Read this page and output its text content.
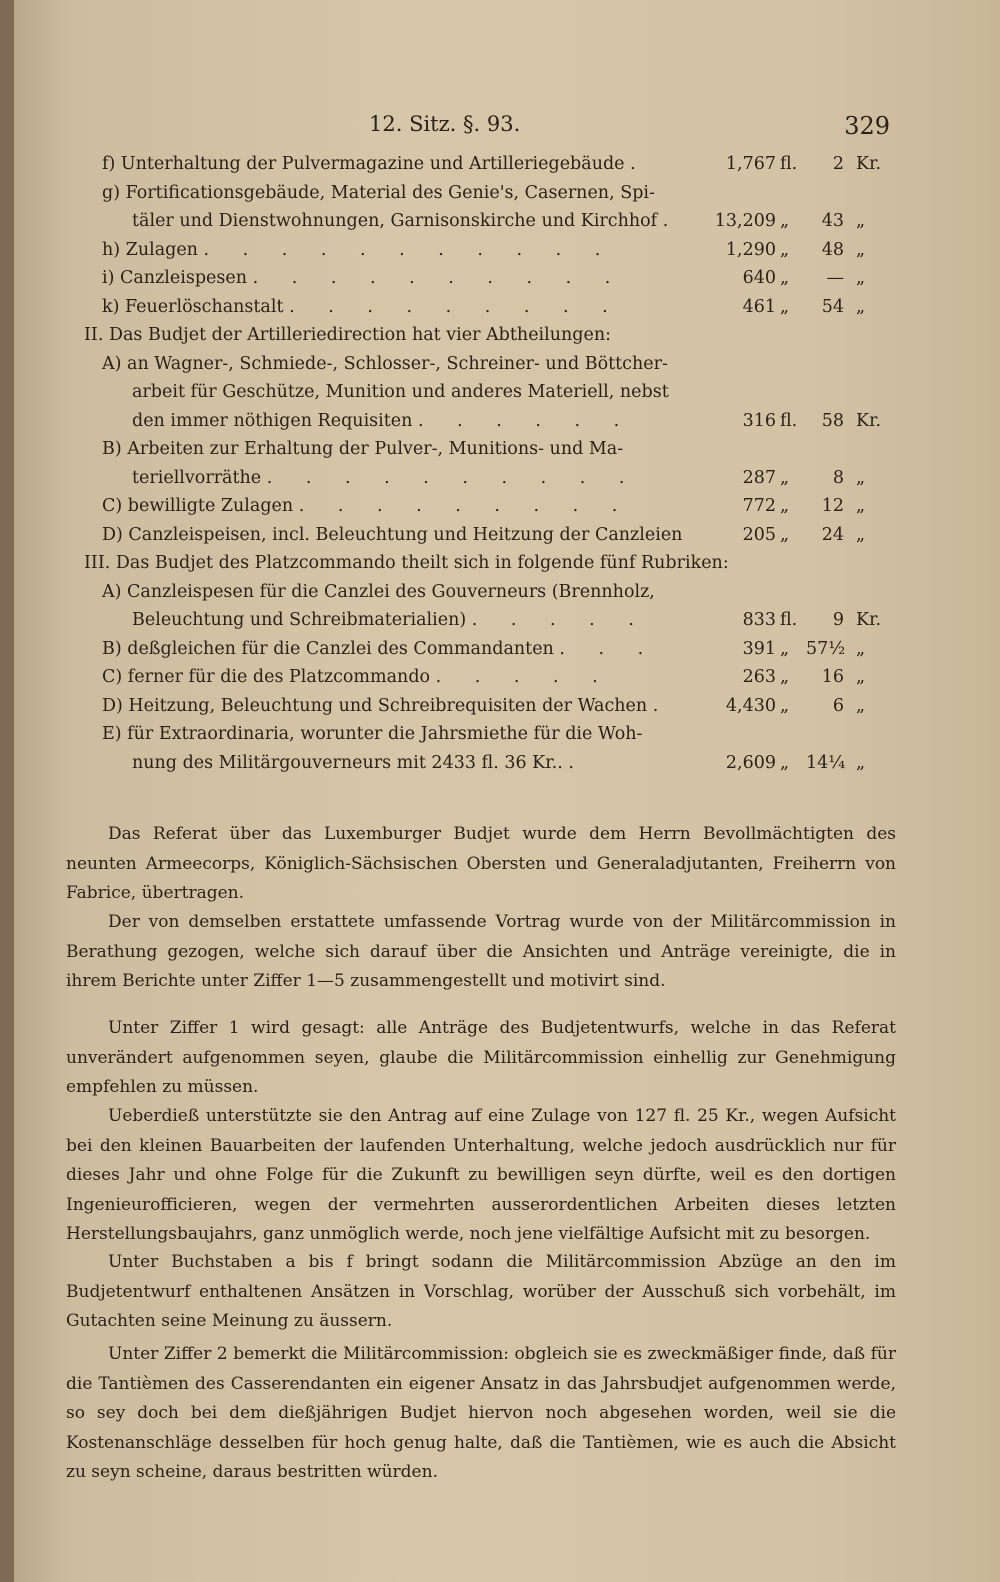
12. Sitz. §. 93.	329
f) Unterhaltung der Pulvermagazine und Artilleriegebäude .	1,767 fl.	2 Kr.
g) Fortificationsgebäude, Material des Genie's, Casernen, Spi-
täler und Dienstwohnungen, Garnisonskirche und Kirchhof .	13,209 „	43 „
h) Zulagen . . . . . . . . . . .	1,290 „	48 „
i) Canzleispesen . . . . . . . . . .	640 „	— „
k) Feuerlöschanstalt . . . . . . . . .	461 „	54 „
II. Das Budjet der Artilleriedirection hat vier Abtheilungen:
A) an Wagner-, Schmiede-, Schlosser-, Schreiner- und Böttcher-
arbeit für Geschütze, Munition und anderes Materiell, nebst
den immer nöthigen Requisiten . . . . . .	316 fl.	58 Kr.
B) Arbeiten zur Erhaltung der Pulver-, Munitions- und Ma-
teriellvorräthe . . . . . . . . . .	287 „	8 „
C) bewilligte Zulagen . . . . . . . . .	772 „	12 „
D) Canzleispeisen, incl. Beleuchtung und Heitzung der Canzleien	205 „	24 „
III. Das Budjet des Platzcommando theilt sich in folgende fünf Rubriken:
A) Canzleispesen für die Canzlei des Gouverneurs (Brennholz,
Beleuchtung und Schreibmaterialien) . . . . .	833 fl.	9 Kr.
B) deßgleichen für die Canzlei des Commandanten . . .	391 „ 57½ „
C) ferner für die des Platzcommando . . . . .	263 „	16 „
D) Heitzung, Beleuchtung und Schreibrequisiten der Wachen .	4,430 „	6 „
E) für Extraordinaria, worunter die Jahrsmiethe für die Woh-
nung des Militärgouverneurs mit 2433 fl. 36 Kr.. .	2,609 „ 14¼ „
Das Referat über das Luxemburger Budjet wurde dem Herrn Bevollmächtigten des neunten Armeecorps, Königlich-Sächsischen Obersten und Generaladjutanten, Freiherrn von Fabrice, übertragen.
Der von demselben erstattete umfassende Vortrag wurde von der Militärcommission in Berathung gezogen, welche sich darauf über die Ansichten und Anträge vereinigte, die in ihrem Berichte unter Ziffer 1—5 zusammengestellt und motivirt sind.
Unter Ziffer 1 wird gesagt: alle Anträge des Budjetentwurfs, welche in das Referat unverändert aufgenommen seyen, glaube die Militärcommission einhellig zur Genehmigung empfehlen zu müssen.
Ueberdieß unterstützte sie den Antrag auf eine Zulage von 127 fl. 25 Kr., wegen Aufsicht bei den kleinen Bauarbeiten der laufenden Unterhaltung, welche jedoch ausdrücklich nur für dieses Jahr und ohne Folge für die Zukunft zu bewilligen seyn dürfte, weil es den dortigen Ingenieurofficieren, wegen der vermehrten ausserordentlichen Arbeiten dieses letzten Herstellungsbaujahrs, ganz unmöglich werde, noch jene vielfältige Aufsicht mit zu besorgen.
Unter Buchstaben a bis f bringt sodann die Militärcommission Abzüge an den im Budjetentwurf enthaltenen Ansätzen in Vorschlag, worüber der Ausschuß sich vorbehält, im Gutachten seine Meinung zu äussern.
Unter Ziffer 2 bemerkt die Militärcommission: obgleich sie es zweckmäßiger finde, daß für die Tantièmen des Casserendanten ein eigener Ansatz in das Jahrsbudjet aufgenommen werde, so sey doch bei dem dießjährigen Budjet hiervon noch abgesehen worden, weil sie die Kostenanschläge desselben für hoch genug halte, daß die Tantièmen, wie es auch die Absicht zu seyn scheine, daraus bestritten würden.
